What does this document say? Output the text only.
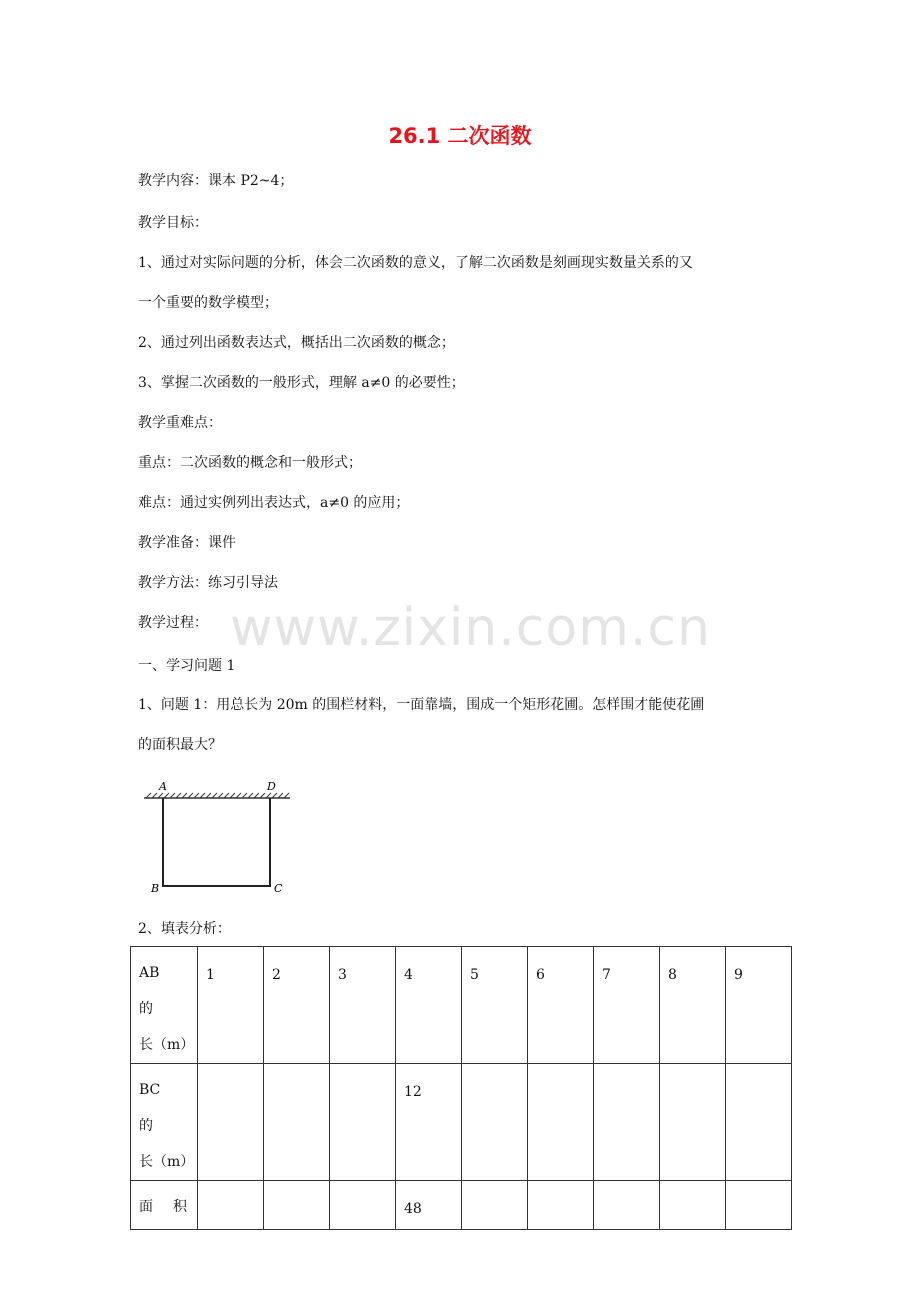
26.1 二次函数
教学内容：课本 P2~4；
教学目标：
1、通过对实际问题的分析，体会二次函数的意义，了解二次函数是刻画现实数量关系的又
一个重要的数学模型；
2、通过列出函数表达式，概括出二次函数的概念；
3、掌握二次函数的一般形式，理解 a≠0 的必要性；
教学重难点：
重点：二次函数的概念和一般形式；
难点：通过实例列出表达式，a≠0 的应用；
教学准备：课件
教学方法：练习引导法
教学过程： www.zixin.com.cn
一、学习问题 1
1、问题 1：用总长为 20m 的围栏材料，一面靠墙，围成一个矩形花圃。怎样围才能使花圃
的面积最大？
A	D
B	C
2、填表分析：
AB的
长（m）	1	2	3	4	5	6	7	8	9

BC的
长（m）				12					

面 积				48					
